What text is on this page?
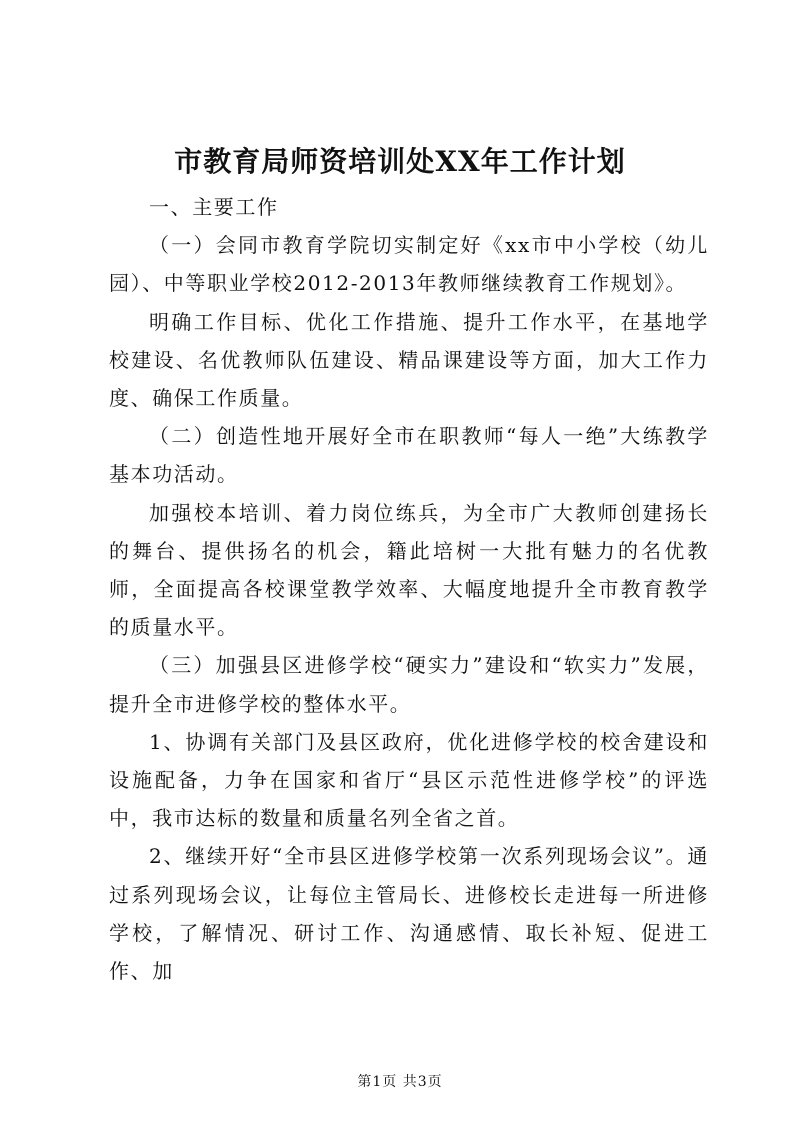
市教育局师资培训处XX年工作计划

一、主要工作

（一）会同市教育学院切实制定好《xx市中小学校（幼儿园）、中等职业学校2012-2013年教师继续教育工作规划》。

明确工作目标、优化工作措施、提升工作水平，在基地学校建设、名优教师队伍建设、精品课建设等方面，加大工作力度、确保工作质量。

（二）创造性地开展好全市在职教师“每人一绝”大练教学基本功活动。

加强校本培训、着力岗位练兵，为全市广大教师创建扬长的舞台、提供扬名的机会，籍此培树一大批有魅力的名优教师，全面提高各校课堂教学效率、大幅度地提升全市教育教学的质量水平。

（三）加强县区进修学校“硬实力”建设和“软实力”发展，提升全市进修学校的整体水平。

1、协调有关部门及县区政府，优化进修学校的校舍建设和设施配备，力争在国家和省厅“县区示范性进修学校”的评选中，我市达标的数量和质量名列全省之首。

2、继续开好“全市县区进修学校第一次系列现场会议”。通过系列现场会议，让每位主管局长、进修校长走进每一所进修学校，了解情况、研讨工作、沟通感情、取长补短、促进工作、加

第1页 共3页
